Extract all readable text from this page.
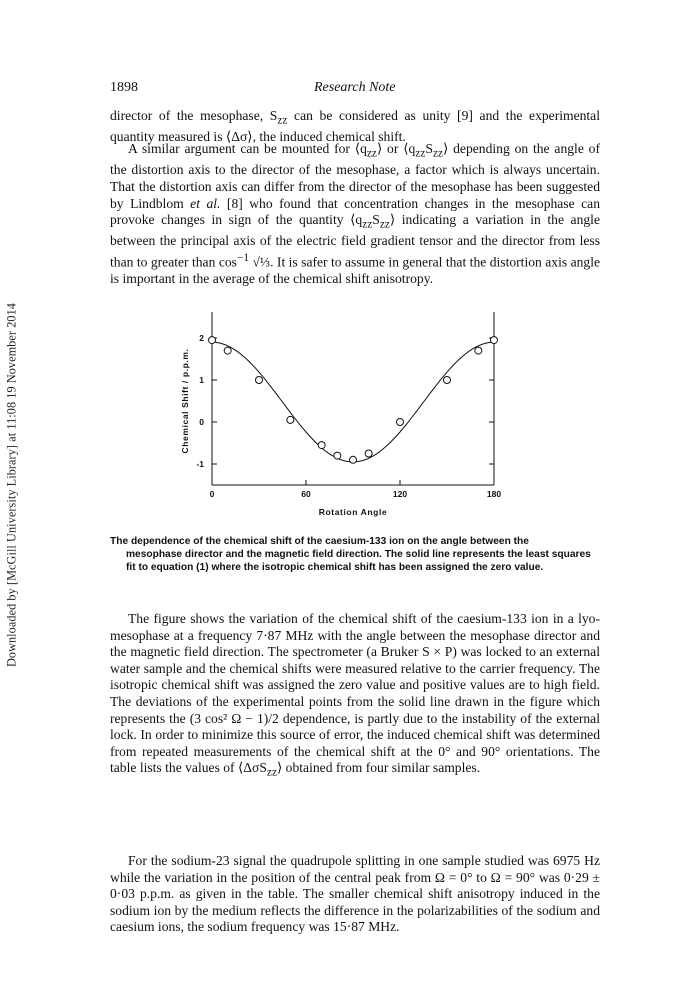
Downloaded by [McGill University Library] at 11:08 19 November 2014
1898	Research Note

director of the mesophase, $S_{zz}$ can be considered as unity [9] and the experimental quantity measured is ⟨Δσ⟩, the induced chemical shift.

A similar argument can be mounted for $⟨q_{zz}⟩$ or $⟨q_{zz}S_{zz}⟩$ depending on the angle of the distortion axis to the director of the mesophase, a factor which is always uncertain. That the distortion axis can differ from the director of the mesophase has been suggested by Lindblom et al. [8] who found that concentration changes in the mesophase can provoke changes in sign of the quantity $⟨q_{zz}S_{zz}⟩$ indicating a variation in the angle between the principal axis of the electric field gradient tensor and the director from less than to greater than $\cos^{-1}$ √⅓. It is safer to assume in general that the distortion axis angle is important in the average of the chemical shift anisotropy.

-1
0
1
2
0	60	120	180
Rotation Angle
Chemical Shift / p.p.m.
The dependence of the chemical shift of the caesium-133 ion on the angle between the
mesophase director and the magnetic field direction. The solid line represents the least squares fit to equation (1) where the isotropic chemical shift has been assigned the zero value.

The figure shows the variation of the chemical shift of the caesium-133 ion in a lyo-mesophase at a frequency 7·87 MHz with the angle between the mesophase director and the magnetic field direction. The spectrometer (a Bruker S × P) was locked to an external water sample and the chemical shifts were measured relative to the carrier frequency. The isotropic chemical shift was assigned the zero value and positive values are to high field. The deviations of the experimental points from the solid line drawn in the figure which represents the (3 cos² Ω − 1)/2 dependence, is partly due to the instability of the external lock. In order to minimize this source of error, the induced chemical shift was determined from repeated measurements of the chemical shift at the 0° and 90° orientations. The table lists the values of ⟨ΔσS$_{zz}$⟩ obtained from four similar samples.

For the sodium-23 signal the quadrupole splitting in one sample studied was 6975 Hz while the variation in the position of the central peak from Ω = 0° to Ω = 90° was 0·29 ± 0·03 p.p.m. as given in the table. The smaller chemical shift anisotropy induced in the sodium ion by the medium reflects the difference in the polarizabilities of the sodium and caesium ions, the sodium frequency was 15·87 MHz.
